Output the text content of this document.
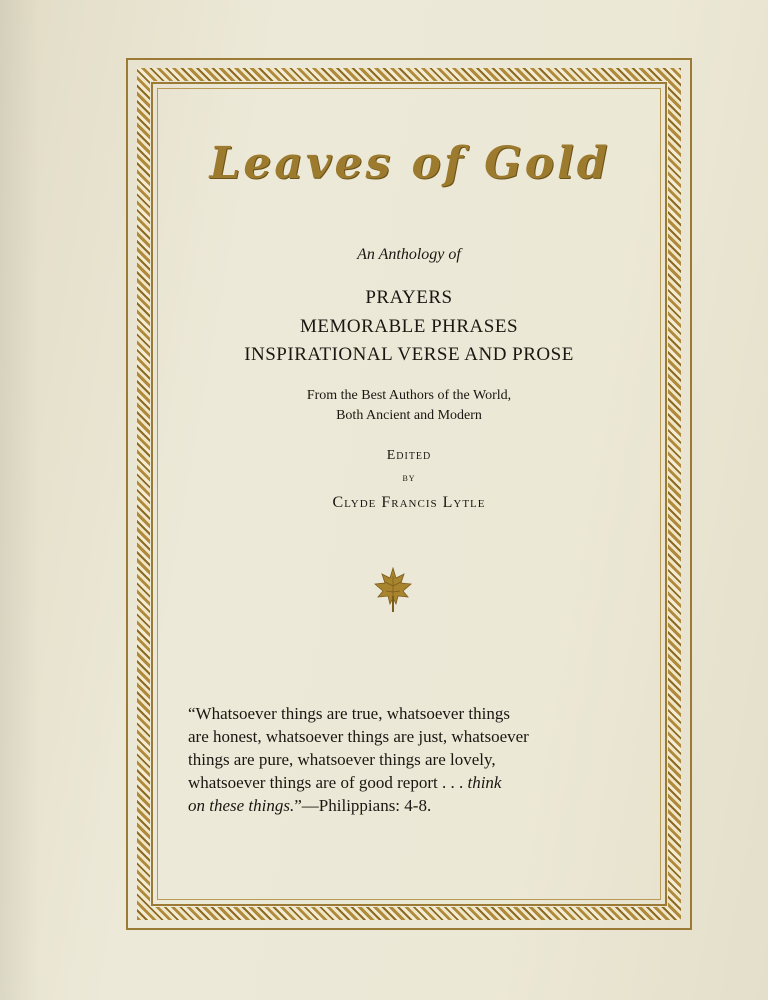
Leaves of Gold
An Anthology of
PRAYERS
MEMORABLE PHRASES
INSPIRATIONAL VERSE AND PROSE
From the Best Authors of the World,
Both Ancient and Modern
Edited
by
Clyde Francis Lytle
“Whatsoever things are true, whatsoever things
are honest, whatsoever things are just, whatsoever
things are pure, whatsoever things are lovely,
whatsoever things are of good report . . . think
on these things.”—Philippians: 4-8.
